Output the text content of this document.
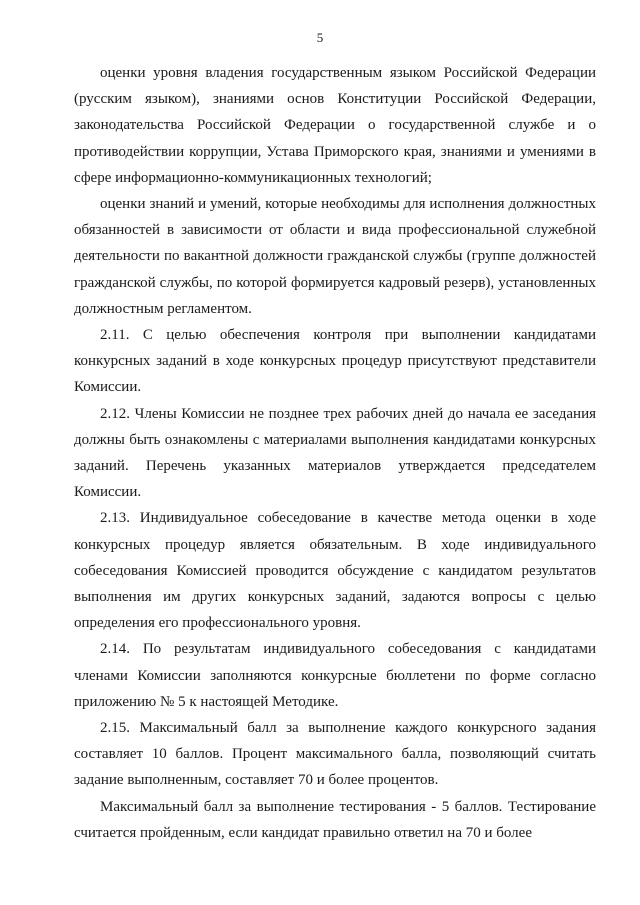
5

оценки уровня владения государственным языком Российской Федерации (русским языком), знаниями основ Конституции Российской Федерации, законодательства Российской Федерации о государственной службе и о противодействии коррупции, Устава Приморского края, знаниями и умениями в сфере информационно-коммуникационных технологий;

оценки знаний и умений, которые необходимы для исполнения должностных обязанностей в зависимости от области и вида профессиональной служебной деятельности по вакантной должности гражданской службы (группе должностей гражданской службы, по которой формируется кадровый резерв), установленных должностным регламентом.

2.11. С целью обеспечения контроля при выполнении кандидатами конкурсных заданий в ходе конкурсных процедур присутствуют представители Комиссии.

2.12. Члены Комиссии не позднее трех рабочих дней до начала ее заседания должны быть ознакомлены с материалами выполнения кандидатами конкурсных заданий. Перечень указанных материалов утверждается председателем Комиссии.

2.13. Индивидуальное собеседование в качестве метода оценки в ходе конкурсных процедур является обязательным. В ходе индивидуального собеседования Комиссией проводится обсуждение с кандидатом результатов выполнения им других конкурсных заданий, задаются вопросы с целью определения его профессионального уровня.

2.14. По результатам индивидуального собеседования с кандидатами членами Комиссии заполняются конкурсные бюллетени по форме согласно приложению № 5 к настоящей Методике.

2.15. Максимальный балл за выполнение каждого конкурсного задания составляет 10 баллов. Процент максимального балла, позволяющий считать задание выполненным, составляет 70 и более процентов.

Максимальный балл за выполнение тестирования - 5 баллов. Тестирование считается пройденным, если кандидат правильно ответил на 70 и более
